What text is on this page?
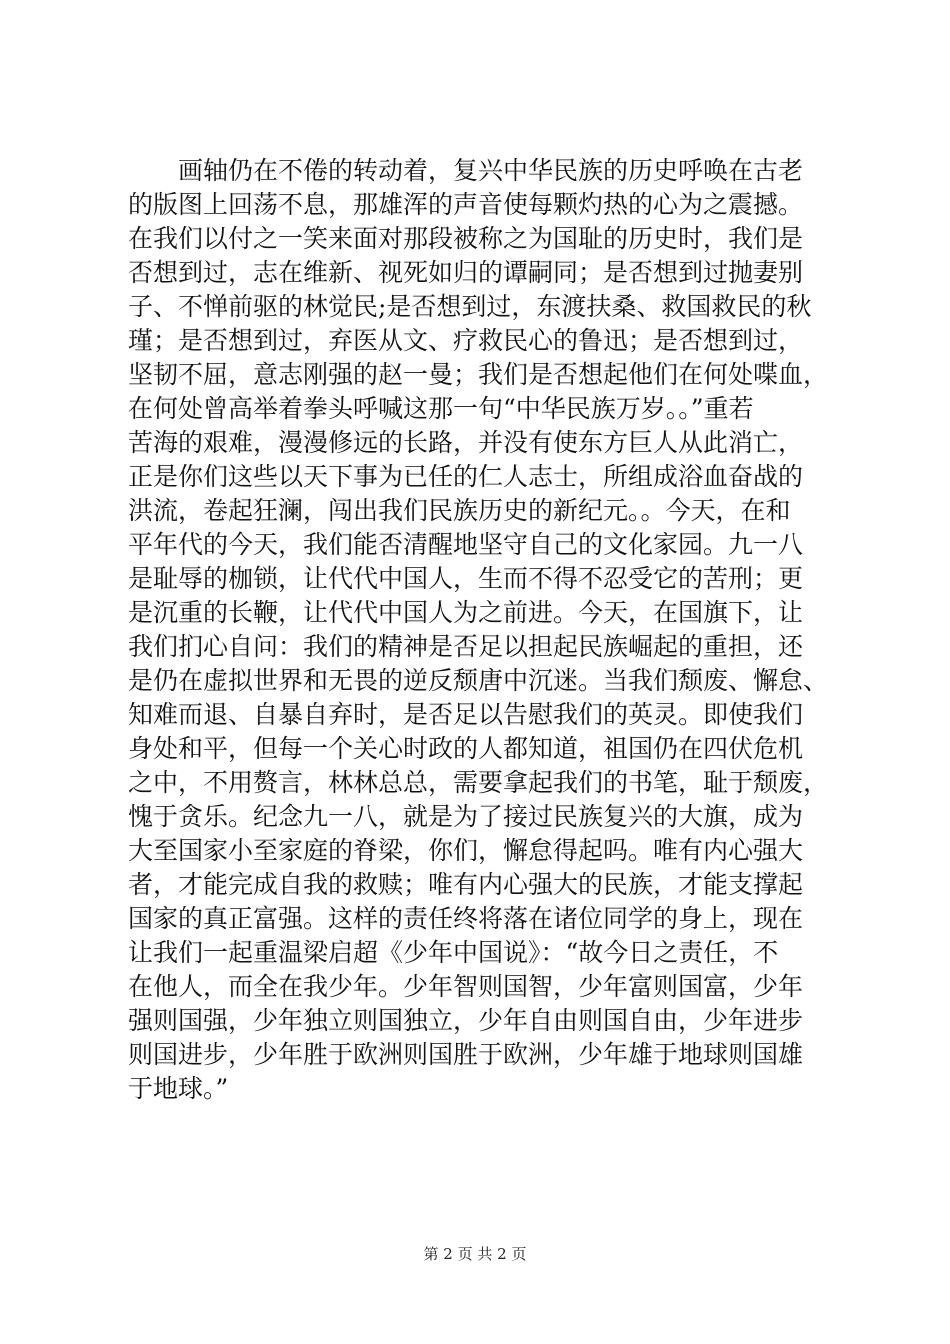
　　画轴仍在不倦的转动着，复兴中华民族的历史呼唤在古老
的版图上回荡不息，那雄浑的声音使每颗灼热的心为之震撼。
在我们以付之一笑来面对那段被称之为国耻的历史时，我们是
否想到过，志在维新、视死如归的谭嗣同；是否想到过抛妻别
子、不惮前驱的林觉民;是否想到过，东渡扶桑、救国救民的秋
瑾；是否想到过，弃医从文、疗救民心的鲁迅；是否想到过，
坚韧不屈，意志刚强的赵一曼；我们是否想起他们在何处喋血，
在何处曾高举着拳头呼喊这那一句“中华民族万岁。。”重若
苦海的艰难，漫漫修远的长路，并没有使东方巨人从此消亡，
正是你们这些以天下事为已任的仁人志士，所组成浴血奋战的
洪流，卷起狂澜，闯出我们民族历史的新纪元。。今天，在和
平年代的今天，我们能否清醒地坚守自己的文化家园。九一八
是耻辱的枷锁，让代代中国人，生而不得不忍受它的苦刑；更
是沉重的长鞭，让代代中国人为之前进。今天，在国旗下，让
我们扪心自问：我们的精神是否足以担起民族崛起的重担，还
是仍在虚拟世界和无畏的逆反颓唐中沉迷。当我们颓废、懈怠、
知难而退、自暴自弃时，是否足以告慰我们的英灵。即使我们
身处和平，但每一个关心时政的人都知道，祖国仍在四伏危机
之中，不用赘言，林林总总，需要拿起我们的书笔，耻于颓废，
愧于贪乐。纪念九一八，就是为了接过民族复兴的大旗，成为
大至国家小至家庭的脊梁，你们，懈怠得起吗。唯有内心强大
者，才能完成自我的救赎；唯有内心强大的民族，才能支撑起
国家的真正富强。这样的责任终将落在诸位同学的身上，现在
让我们一起重温梁启超《少年中国说》：“故今日之责任，不
在他人，而全在我少年。少年智则国智，少年富则国富，少年
强则国强，少年独立则国独立，少年自由则国自由，少年进步
则国进步，少年胜于欧洲则国胜于欧洲，少年雄于地球则国雄
于地球。”
第 2 页 共 2 页
